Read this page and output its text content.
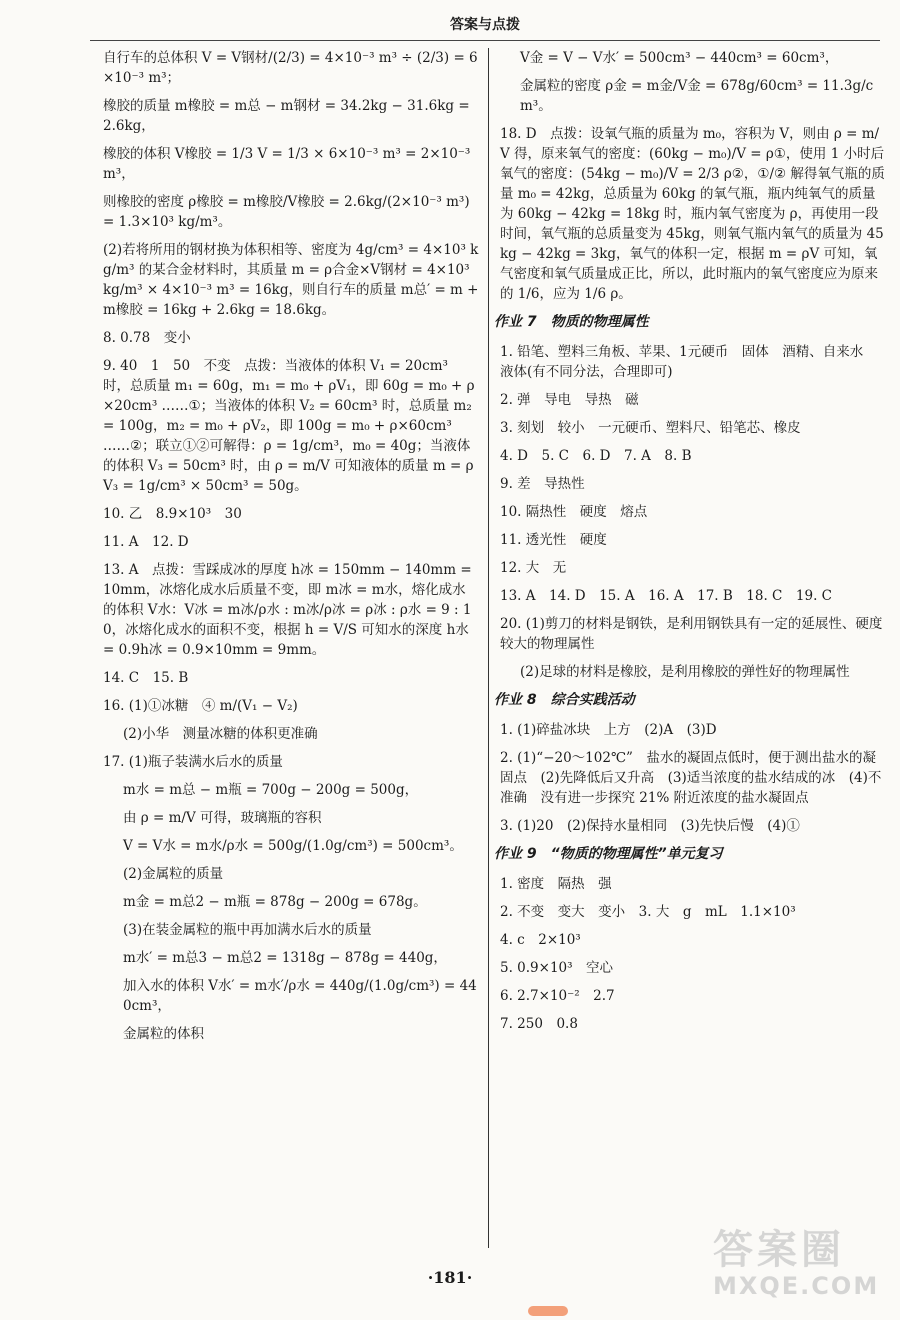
答案与点拨
自行车的总体积 V = V钢材/(2/3) = 4×10⁻³ m³ ÷ (2/3) = 6×10⁻³ m³；
橡胶的质量 m橡胶 = m总 − m钢材 = 34.2kg − 31.6kg = 2.6kg，
橡胶的体积 V橡胶 = 1/3 V = 1/3 × 6×10⁻³ m³ = 2×10⁻³ m³，
则橡胶的密度 ρ橡胶 = m橡胶/V橡胶 = 2.6kg/(2×10⁻³ m³) = 1.3×10³ kg/m³。
(2)若将所用的钢材换为体积相等、密度为 4g/cm³ = 4×10³ kg/m³ 的某合金材料时，其质量 m = ρ合金×V钢材 = 4×10³ kg/m³ × 4×10⁻³ m³ = 16kg，则自行车的质量 m总′ = m + m橡胶 = 16kg + 2.6kg = 18.6kg。
8. 0.78　变小
9. 40　1　50　不变　点拨：当液体的体积 V₁ = 20cm³ 时，总质量 m₁ = 60g，m₁ = m₀ + ρV₁，即 60g = m₀ + ρ×20cm³ ……①；当液体的体积 V₂ = 60cm³ 时，总质量 m₂ = 100g，m₂ = m₀ + ρV₂，即 100g = m₀ + ρ×60cm³ ……②；联立①②可解得：ρ = 1g/cm³，m₀ = 40g；当液体的体积 V₃ = 50cm³ 时，由 ρ = m/V 可知液体的质量 m = ρV₃ = 1g/cm³ × 50cm³ = 50g。
10. 乙　8.9×10³　30
11. A　12. D
13. A　点拨：雪踩成冰的厚度 h冰 = 150mm − 140mm = 10mm，冰熔化成水后质量不变，即 m冰 = m水，熔化成水的体积 V水：V冰 = m冰/ρ水 : m冰/ρ冰 = ρ冰 : ρ水 = 9 : 10，冰熔化成水的面积不变，根据 h = V/S 可知水的深度 h水 = 0.9h冰 = 0.9×10mm = 9mm。
14. C　15. B
16. (1)①冰糖　④ m/(V₁ − V₂)
(2)小华　测量冰糖的体积更准确
17. (1)瓶子装满水后水的质量
m水 = m总 − m瓶 = 700g − 200g = 500g，
由 ρ = m/V 可得，玻璃瓶的容积
V = V水 = m水/ρ水 = 500g/(1.0g/cm³) = 500cm³。
(2)金属粒的质量
m金 = m总2 − m瓶 = 878g − 200g = 678g。
(3)在装金属粒的瓶中再加满水后水的质量
m水′ = m总3 − m总2 = 1318g − 878g = 440g，
加入水的体积 V水′ = m水′/ρ水 = 440g/(1.0g/cm³) = 440cm³，
金属粒的体积
V金 = V − V水′ = 500cm³ − 440cm³ = 60cm³，
金属粒的密度 ρ金 = m金/V金 = 678g/60cm³ = 11.3g/cm³。
18. D　点拨：设氧气瓶的质量为 m₀，容积为 V，则由 ρ = m/V 得，原来氧气的密度：(60kg − m₀)/V = ρ①，使用 1 小时后氧气的密度：(54kg − m₀)/V = 2/3 ρ②，①/② 解得氧气瓶的质量 m₀ = 42kg，总质量为 60kg 的氧气瓶，瓶内纯氧气的质量为 60kg − 42kg = 18kg 时，瓶内氧气密度为 ρ，再使用一段时间，氧气瓶的总质量变为 45kg，则氧气瓶内氧气的质量为 45kg − 42kg = 3kg，氧气的体积一定，根据 m = ρV 可知，氧气密度和氧气质量成正比，所以，此时瓶内的氧气密度应为原来的 1/6，应为 1/6 ρ。
作业 7　物质的物理属性
1. 铅笔、塑料三角板、苹果、1元硬币　固体　酒精、自来水　液体(有不同分法，合理即可)
2. 弹　导电　导热　磁
3. 刻划　较小　一元硬币、塑料尺、铅笔芯、橡皮
4. D　5. C　6. D　7. A　8. B
9. 差　导热性
10. 隔热性　硬度　熔点
11. 透光性　硬度
12. 大　无
13. A　14. D　15. A　16. A　17. B　18. C　19. C
20. (1)剪刀的材料是钢铁，是利用钢铁具有一定的延展性、硬度较大的物理属性
(2)足球的材料是橡胶，是利用橡胶的弹性好的物理属性
作业 8　综合实践活动
1. (1)碎盐冰块　上方　(2)A　(3)D
2. (1)“−20～102℃”　盐水的凝固点低时，便于测出盐水的凝固点　(2)先降低后又升高　(3)适当浓度的盐水结成的冰　(4)不准确　没有进一步探究 21% 附近浓度的盐水凝固点
3. (1)20　(2)保持水量相同　(3)先快后慢　(4)①
作业 9　“物质的物理属性”单元复习
1. 密度　隔热　强
2. 不变　变大　变小　3. 大　g　mL　1.1×10³
4. c　2×10³
5. 0.9×10³　空心
6. 2.7×10⁻²　2.7
7. 250　0.8
·181·
答案圈
MXQE.COM
